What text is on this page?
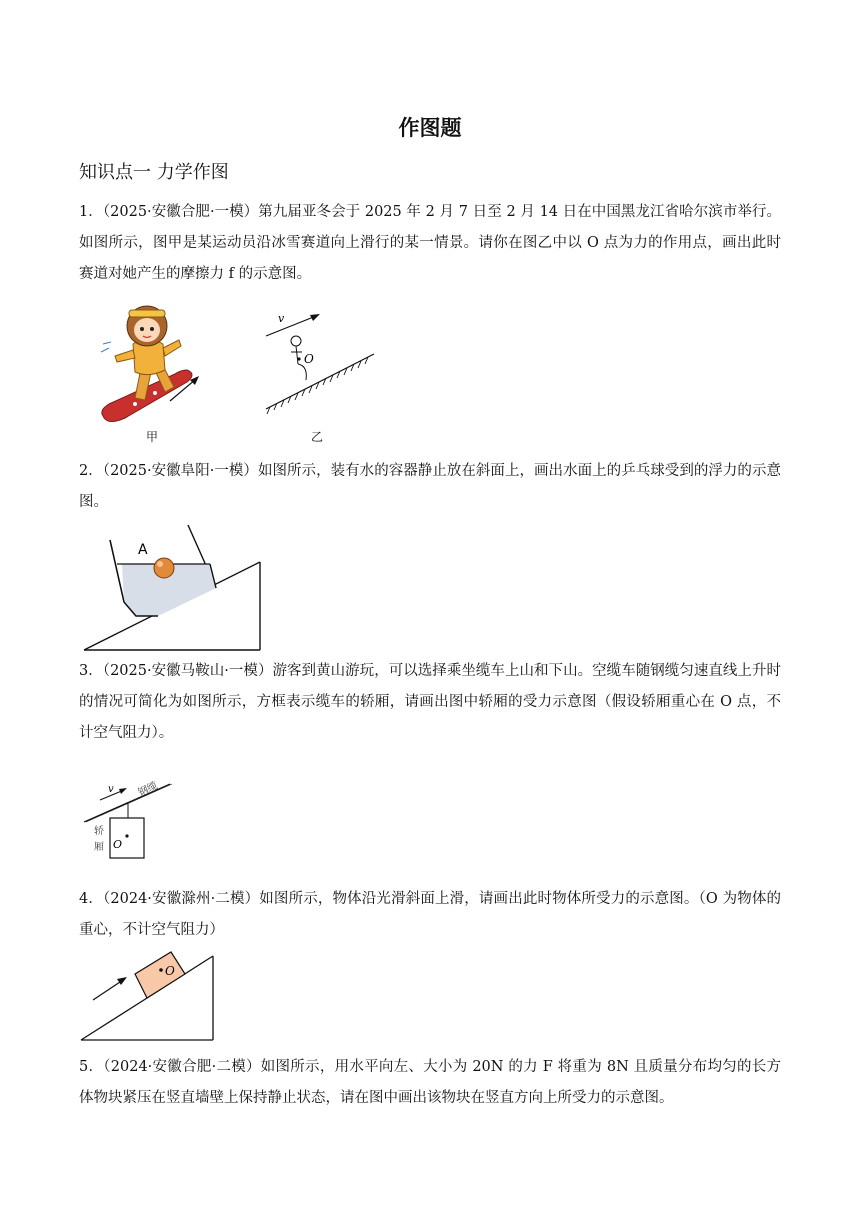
作图题
知识点一 力学作图
1．（2025·安徽合肥·一模）第九届亚冬会于 2025 年 2 月 7 日至 2 月 14 日在中国黑龙江省哈尔滨市举行。如图所示，图甲是某运动员沿冰雪赛道向上滑行的某一情景。请你在图乙中以 O 点为力的作用点，画出此时赛道对她产生的摩擦力 f 的示意图。
甲
v
O
乙
2．（2025·安徽阜阳·一模）如图所示，装有水的容器静止放在斜面上，画出水面上的乒乓球受到的浮力的示意图。
A
3．（2025·安徽马鞍山·一模）游客到黄山游玩，可以选择乘坐缆车上山和下山。空缆车随钢缆匀速直线上升时的情况可简化为如图所示，方框表示缆车的轿厢，请画出图中轿厢的受力示意图（假设轿厢重心在 O 点，不计空气阻力）。
v 钢缆
O
轿
厢
4．（2024·安徽滁州·二模）如图所示，物体沿光滑斜面上滑，请画出此时物体所受力的示意图。（O 为物体的重心，不计空气阻力）
O
5．（2024·安徽合肥·二模）如图所示，用水平向左、大小为 20N 的力 F 将重为 8N 且质量分布均匀的长方体物块紧压在竖直墙壁上保持静止状态，请在图中画出该物块在竖直方向上所受力的示意图。
